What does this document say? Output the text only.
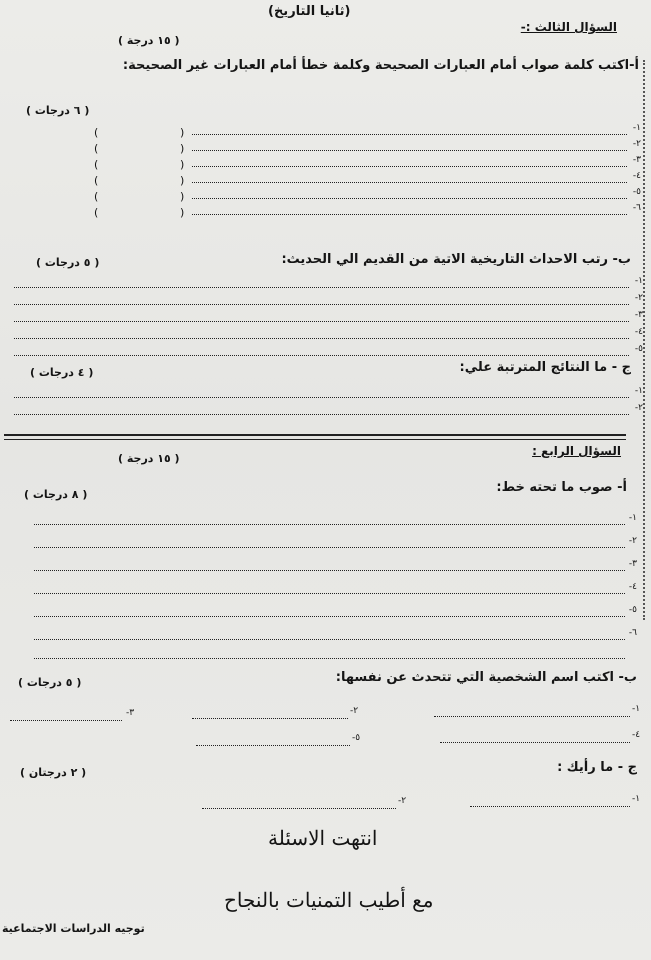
(ثانيا التاريخ)
السؤال الثالث :-
( ١٥ درجة )
أ-اكتب كلمة صواب أمام العبارات الصحيحة وكلمة خطأ أمام العبارات غير الصحيحة:
( ٦ درجات )
-١
)
(
-٢
)
(
-٣
)
(
-٤
)
(
-٥
)
(
-٦
)
(
ب- رتب الاحداث التاريخية الاتية من القديم الي الحديث:
( ٥ درجات )
-١
-٢
-٣
-٤
-٥
ج - ما النتائج المترتبة علي:
( ٤ درجات )
-١
-٢
السؤال الرابع :
( ١٥ درجة )
أ- صوب ما تحته خط:
( ٨ درجات )
-١
-٢
-٣
-٤
-٥
-٦
ب- اكتب اسم الشخصية التي تتحدث عن نفسها:
( ٥ درجات )
-١
-٢
-٣
-٤
-٥
ج - ما رأيك :
( ٢ درجتان )
-١
-٢
انتهت الاسئلة
مع أطيب التمنيات بالنجاح
توجيه الدراسات الاجتماعية
